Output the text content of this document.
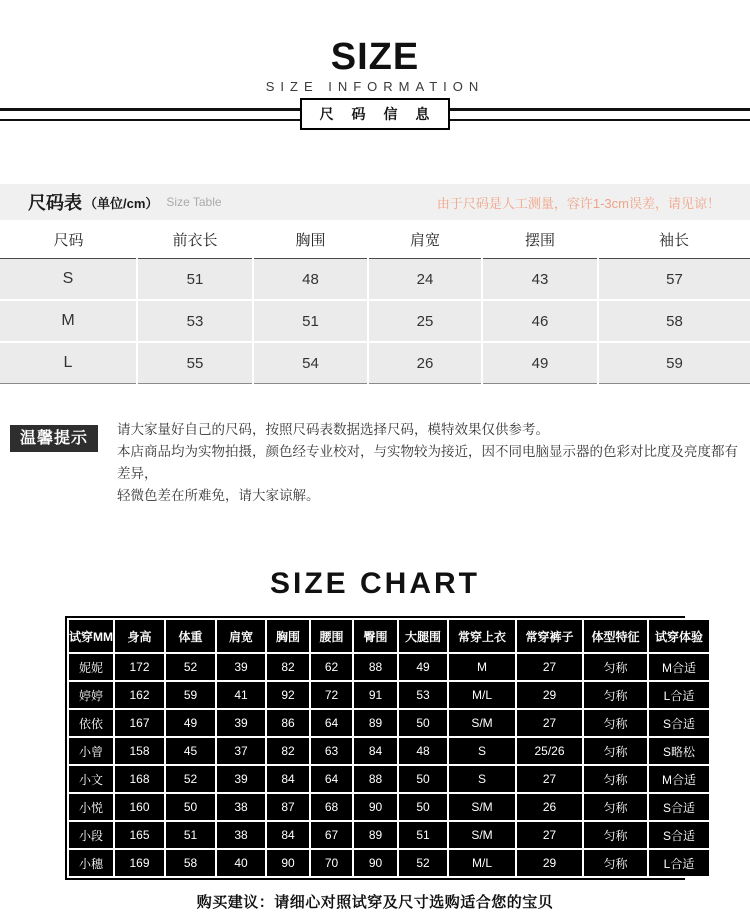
SIZE
SIZE INFORMATION
尺 码 信 息
尺码表 （单位/cm） Size Table	由于尺码是人工测量，容许1-3cm误差，请见谅！
尺码	前衣长	胸围	肩宽	摆围	袖长
S	51	48	24	43	57
M	53	51	25	46	58
L	55	54	26	49	59
温馨提示
请大家量好自己的尺码，按照尺码表数据选择尺码，模特效果仅供参考。
本店商品均为实物拍摄，颜色经专业校对，与实物较为接近，因不同电脑显示器的色彩对比度及亮度都有差异，
轻微色差在所难免，请大家谅解。
SIZE CHART
试穿MM	身高	体重	肩宽	胸围	腰围	臀围	大腿围	常穿上衣	常穿裤子	体型特征	试穿体验
妮妮	172	52	39	82	62	88	49	M	27	匀称	M合适
婷婷	162	59	41	92	72	91	53	M/L	29	匀称	L合适
依依	167	49	39	86	64	89	50	S/M	27	匀称	S合适
小曾	158	45	37	82	63	84	48	S	25/26	匀称	S略松
小文	168	52	39	84	64	88	50	S	27	匀称	M合适
小悦	160	50	38	87	68	90	50	S/M	26	匀称	S合适
小段	165	51	38	84	67	89	51	S/M	27	匀称	S合适
小穗	169	58	40	90	70	90	52	M/L	29	匀称	L合适
购买建议：请细心对照试穿及尺寸选购适合您的宝贝
